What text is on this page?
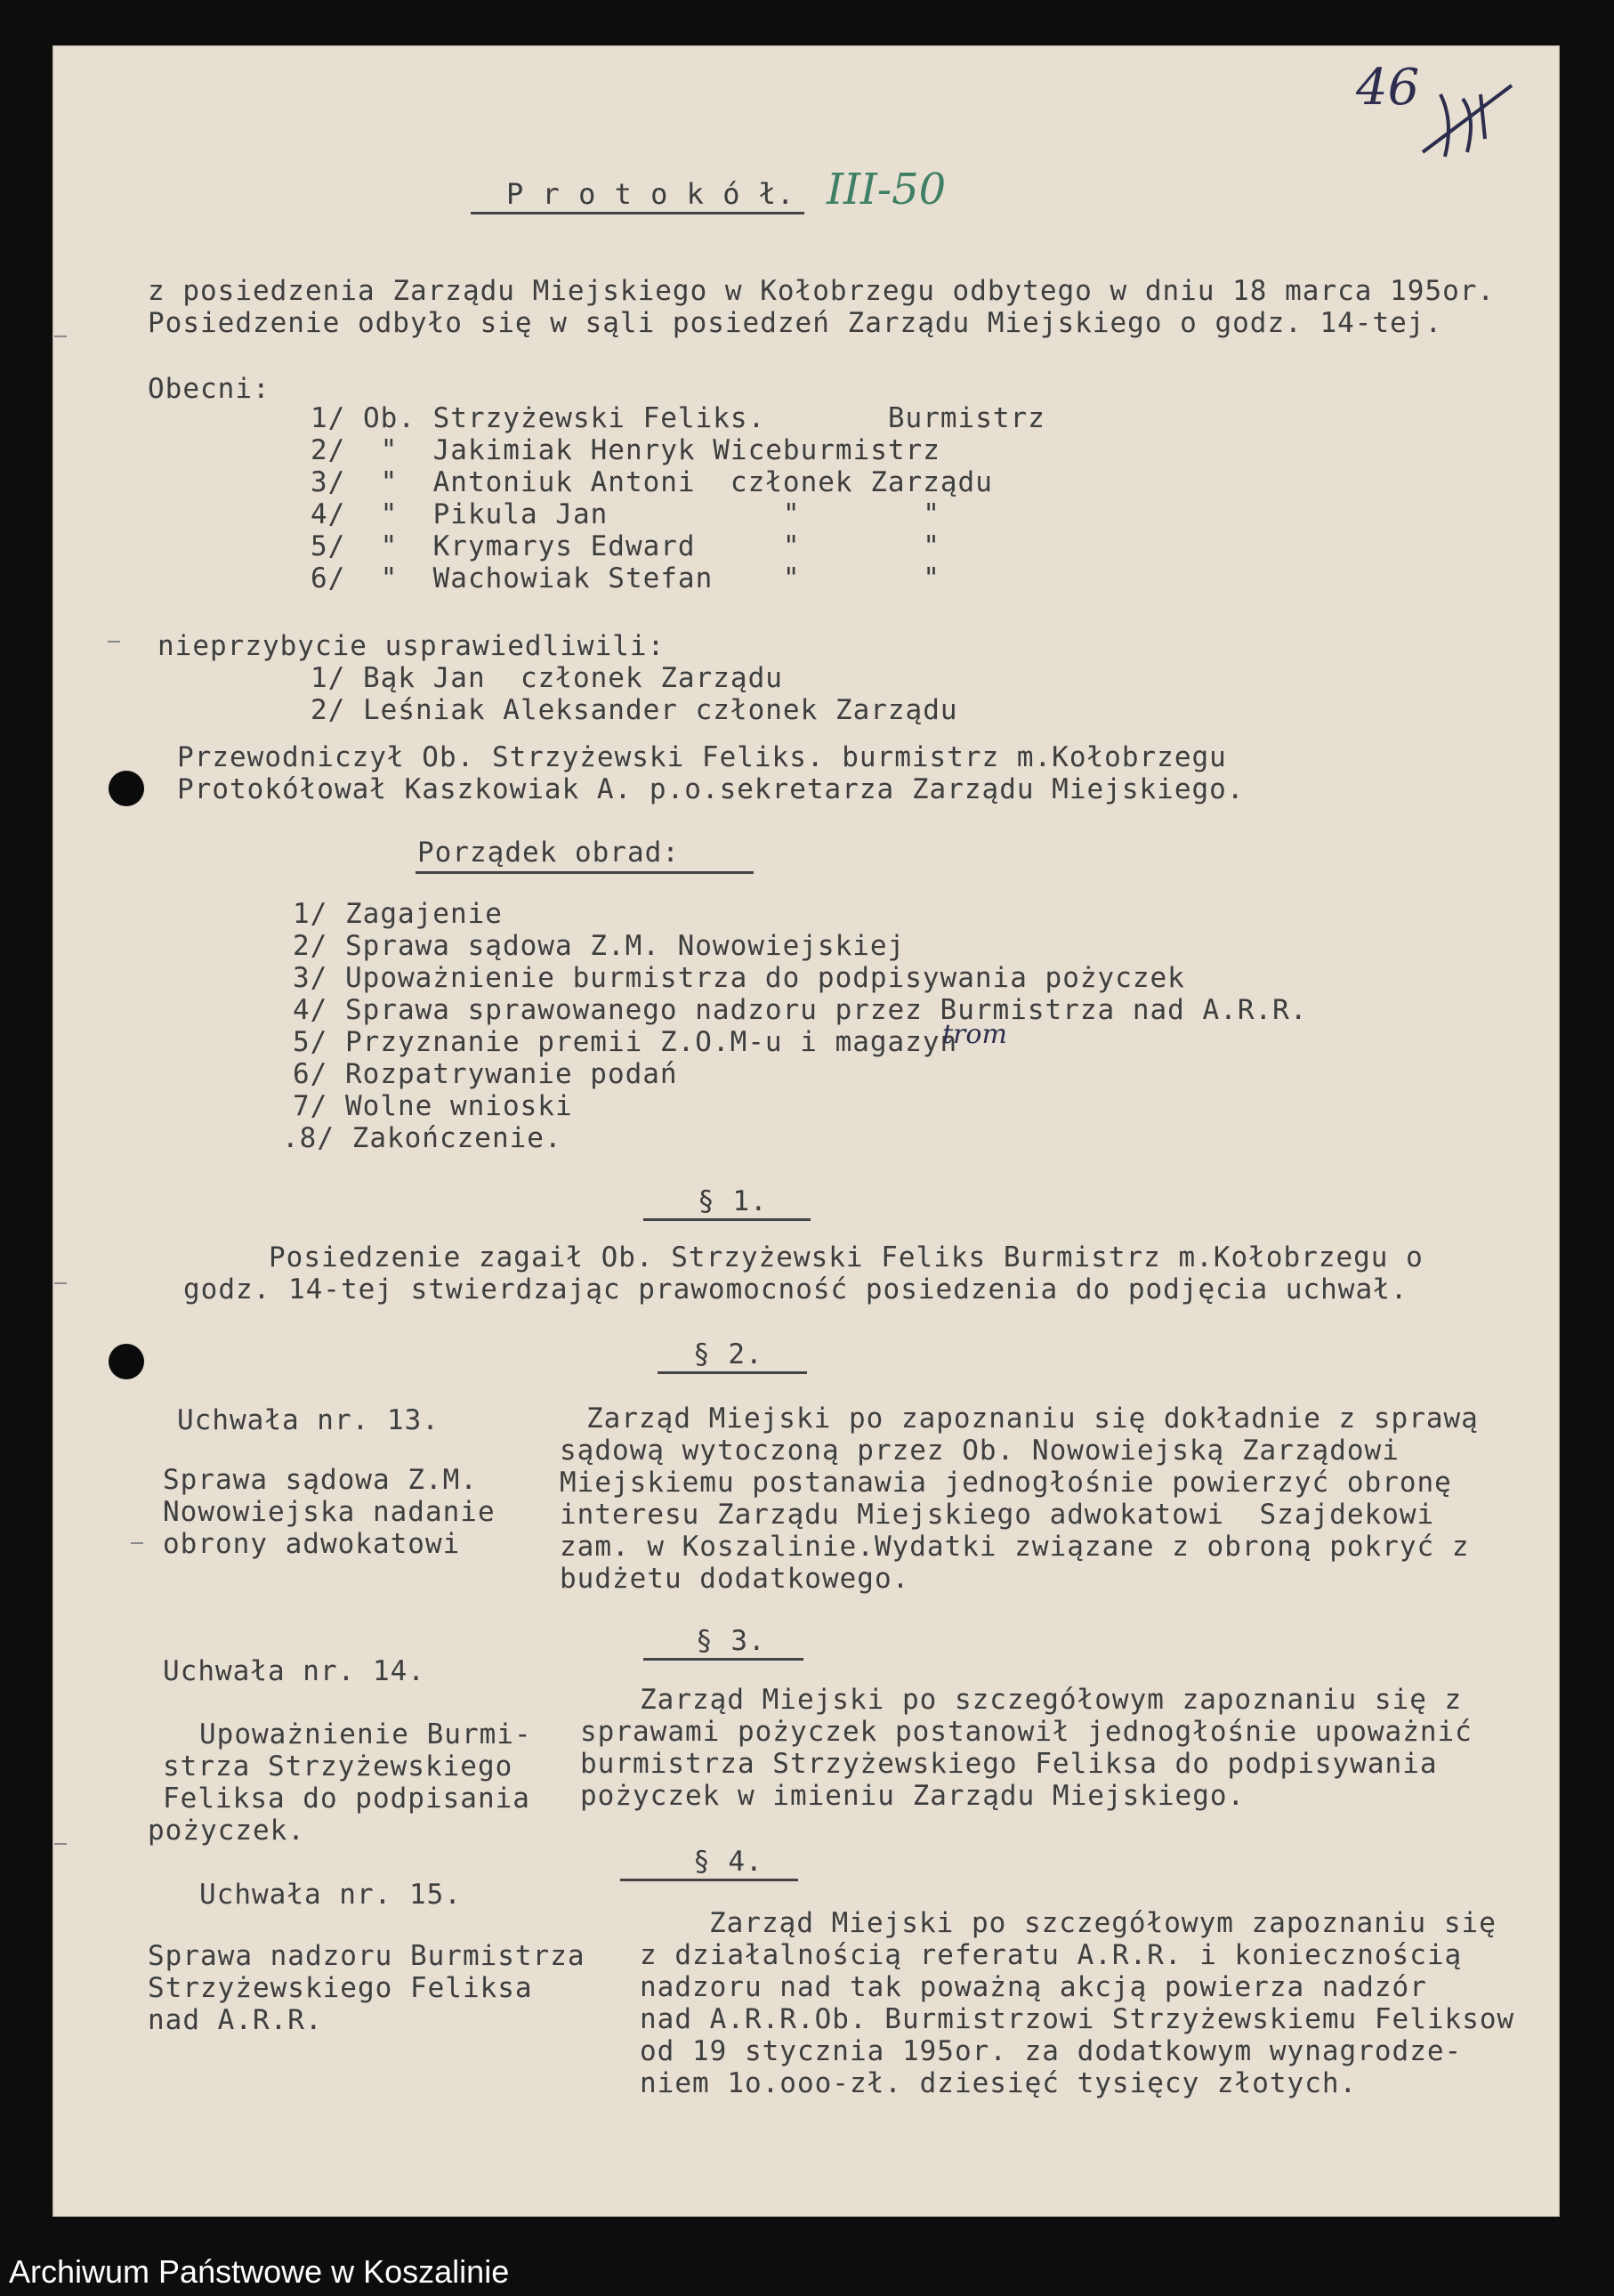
46
P r o t o k ó ł. III-50
z posiedzenia Zarządu Miejskiego w Kołobrzegu odbytego w dniu 18 marca 195or.
Posiedzenie odbyło się w sąli posiedzeń Zarządu Miejskiego o godz. 14-tej.
Obecni:
1/ Ob. Strzyżewski Feliks.       Burmistrz
2/  "  Jakimiak Henryk Wiceburmistrz
3/  "  Antoniuk Antoni  członek Zarządu
4/  "  Pikula Jan          "       "
5/  "  Krymarys Edward     "       "
6/  "  Wachowiak Stefan    "       "
nieprzybycie usprawiedliwili:
1/ Bąk Jan  członek Zarządu
2/ Leśniak Aleksander członek Zarządu
Przewodniczył Ob. Strzyżewski Feliks. burmistrz m.Kołobrzegu
Protokółował Kaszkowiak A. p.o.sekretarza Zarządu Miejskiego.
Porządek obrad:
1/ Zagajenie
2/ Sprawa sądowa Z.M. Nowowiejskiej
3/ Upoważnienie burmistrza do podpisywania pożyczek
4/ Sprawa sprawowanego nadzoru przez Burmistrza nad A.R.R.
5/ Przyznanie premii Z.O.M-u i magazyn
trom
6/ Rozpatrywanie podań
7/ Wolne wnioski
.8/ Zakończenie.
§ 1.
Posiedzenie zagaił Ob. Strzyżewski Feliks Burmistrz m.Kołobrzegu o
godz. 14-tej stwierdzając prawomocność posiedzenia do podjęcia uchwał.
§ 2.
Uchwała nr. 13.
Sprawa sądowa Z.M.
Nowowiejska nadanie
obrony adwokatowi
Zarząd Miejski po zapoznaniu się dokładnie z sprawą
sądową wytoczoną przez Ob. Nowowiejską Zarządowi
Miejskiemu postanawia jednogłośnie powierzyć obronę
interesu Zarządu Miejskiego adwokatowi  Szajdekowi
zam. w Koszalinie.Wydatki związane z obroną pokryć z
budżetu dodatkowego.
§ 3.
Uchwała nr. 14.
Upoważnienie Burmi-
strza Strzyżewskiego
Feliksa do podpisania
pożyczek.
Zarząd Miejski po szczegółowym zapoznaniu się z
sprawami pożyczek postanowił jednogłośnie upoważnić
burmistrza Strzyżewskiego Feliksa do podpisywania
pożyczek w imieniu Zarządu Miejskiego.
§ 4.
Uchwała nr. 15.
Sprawa nadzoru Burmistrza
Strzyżewskiego Feliksa
nad A.R.R.
Zarząd Miejski po szczegółowym zapoznaniu się
z działalnością referatu A.R.R. i koniecznością
nadzoru nad tak poważną akcją powierza nadzór
nad A.R.R.Ob. Burmistrzowi Strzyżewskiemu Feliksow
od 19 stycznia 195or. za dodatkowym wynagrodze-
niem 1o.ooo-zł. dziesięć tysięcy złotych.
Archiwum Państwowe w Koszalinie
